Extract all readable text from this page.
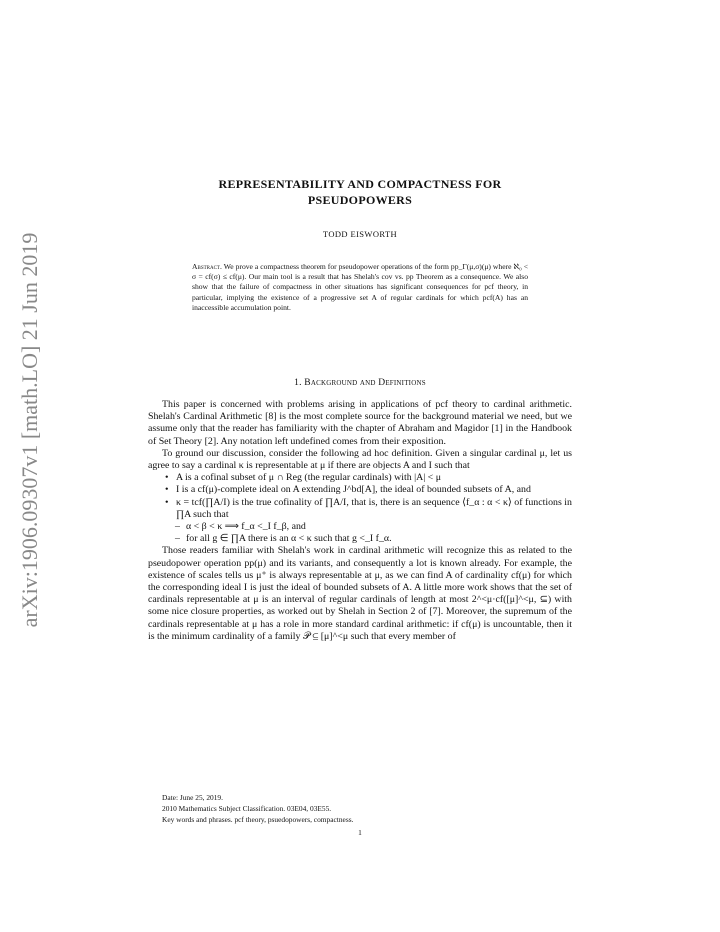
arXiv:1906.09307v1 [math.LO] 21 Jun 2019
REPRESENTABILITY AND COMPACTNESS FOR
PSEUDOPOWERS
TODD EISWORTH
Abstract. We prove a compactness theorem for pseudopower operations of the form pp_Γ(μ,σ)(μ) where ℵ₀ < σ = cf(σ) ≤ cf(μ). Our main tool is a result that has Shelah's cov vs. pp Theorem as a consequence. We also show that the failure of compactness in other situations has significant consequences for pcf theory, in particular, implying the existence of a progressive set A of regular cardinals for which pcf(A) has an inaccessible accumulation point.
1. Background and Definitions

This paper is concerned with problems arising in applications of pcf theory to cardinal arithmetic. Shelah's Cardinal Arithmetic [8] is the most complete source for the background material we need, but we assume only that the reader has familiarity with the chapter of Abraham and Magidor [1] in the Handbook of Set Theory [2]. Any notation left undefined comes from their exposition.

To ground our discussion, consider the following ad hoc definition. Given a singular cardinal μ, let us agree to say a cardinal κ is representable at μ if there are objects A and I such that

• A is a cofinal subset of μ ∩ Reg (the regular cardinals) with |A| < μ
• I is a cf(μ)-complete ideal on A extending J^bd[A], the ideal of bounded subsets of A, and
• κ = tcf(∏A/I) is the true cofinality of ∏A/I, that is, there is an sequence ⟨f_α : α < κ⟩ of functions in ∏A such that
– α < β < κ ⟹ f_α <_I f_β, and
– for all g ∈ ∏A there is an α < κ such that g <_I f_α.

Those readers familiar with Shelah's work in cardinal arithmetic will recognize this as related to the pseudopower operation pp(μ) and its variants, and consequently a lot is known already. For example, the existence of scales tells us μ⁺ is always representable at μ, as we can find A of cardinality cf(μ) for which the corresponding ideal I is just the ideal of bounded subsets of A. A little more work shows that the set of cardinals representable at μ is an interval of regular cardinals of length at most 2^<μ·cf([μ]^<μ, ⊆) with some nice closure properties, as worked out by Shelah in Section 2 of [7]. Moreover, the supremum of the cardinals representable at μ has a role in more standard cardinal arithmetic: if cf(μ) is uncountable, then it is the minimum cardinality of a family 𝒫 ⊆ [μ]^<μ such that every member of

Date: June 25, 2019.
2010 Mathematics Subject Classification. 03E04, 03E55.
Key words and phrases. pcf theory, psuedopowers, compactness.
1
